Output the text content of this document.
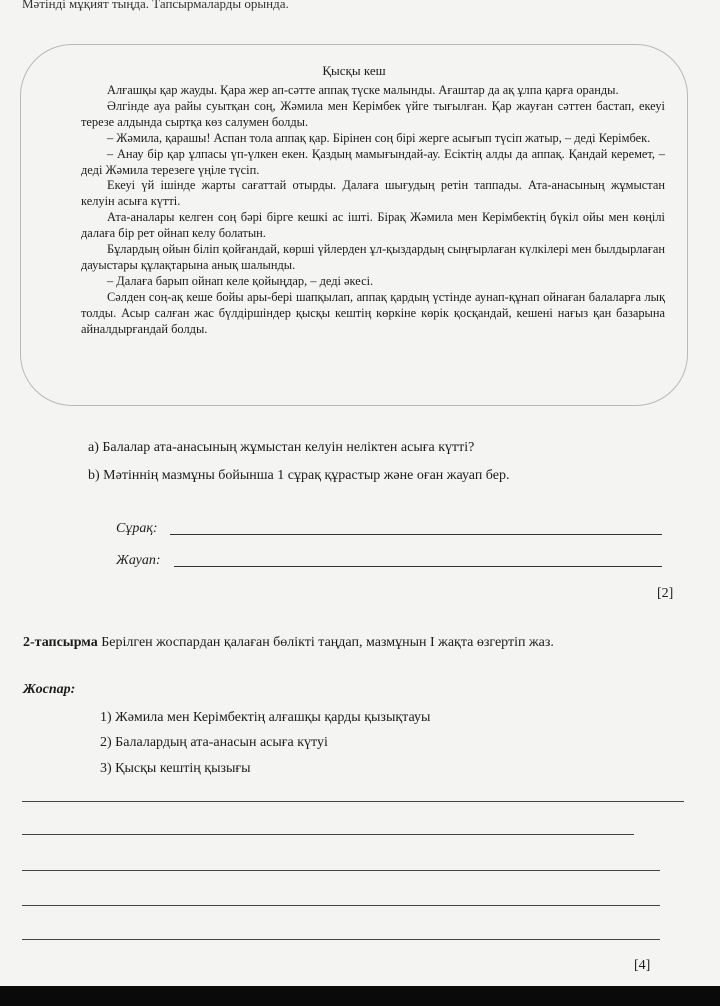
Мәтінді мұқият тыңда. Тапсырмаларды орында.
Қысқы кеш

Алғашқы қар жауды. Қара жер ап-сәтте аппақ түске малынды. Ағаштар да ақ ұлпа қарға оранды.

Әлгінде ауа райы суытқан соң, Жәмила мен Керімбек үйге тығылған. Қар жауған сәттен бастап, екеуі терезе алдында сыртқа көз салумен болды.

– Жәмила, қарашы! Аспан тола аппақ қар. Бірінен соң бірі жерге асығып түсіп жатыр, – деді Керімбек.

– Анау бір қар ұлпасы үп-үлкен екен. Қаздың мамығындай-ау. Есіктің алды да аппақ. Қандай керемет, – деді Жәмила терезеге үңіле түсіп.

Екеуі үй ішінде жарты сағаттай отырды. Далаға шығудың ретін таппады. Ата-анасының жұмыстан келуін асыға күтті.

Ата-аналары келген соң бәрі бірге кешкі ас ішті. Бірақ Жәмила мен Керімбектің бүкіл ойы мен көңілі далаға бір рет ойнап келу болатын.

Бұлардың ойын біліп қойғандай, көрші үйлерден ұл-қыздардың сыңғырлаған күлкілері мен былдырлаған дауыстары құлақтарына анық шалынды.

– Далаға барып ойнап келе қойыңдар, – деді әкесі.

Сәлден соң-ақ кеше бойы ары-бері шапқылап, аппақ қардың үстінде аунап-құнап ойнаған балаларға лық толды. Асыр салған жас бүлдіршіндер қысқы кештің көркіне көрік қосқандай, кешені нағыз қан базарына айналдырғандай болды.

а) Балалар ата-анасының жұмыстан келуін неліктен асыға күтті?
b) Мәтіннің мазмұны бойынша 1 сұрақ құрастыр және оған жауап бер.
Сұрақ:
Жауап:
[2]
2-тапсырма Берілген жоспардан қалаған бөлікті таңдап, мазмұнын І жақта өзгертіп жаз.
Жоспар:
1) Жәмила мен Керімбектің алғашқы қарды қызықтауы
2) Балалардың ата-анасын асыға күтуі
3) Қысқы кештің қызығы
[4]
